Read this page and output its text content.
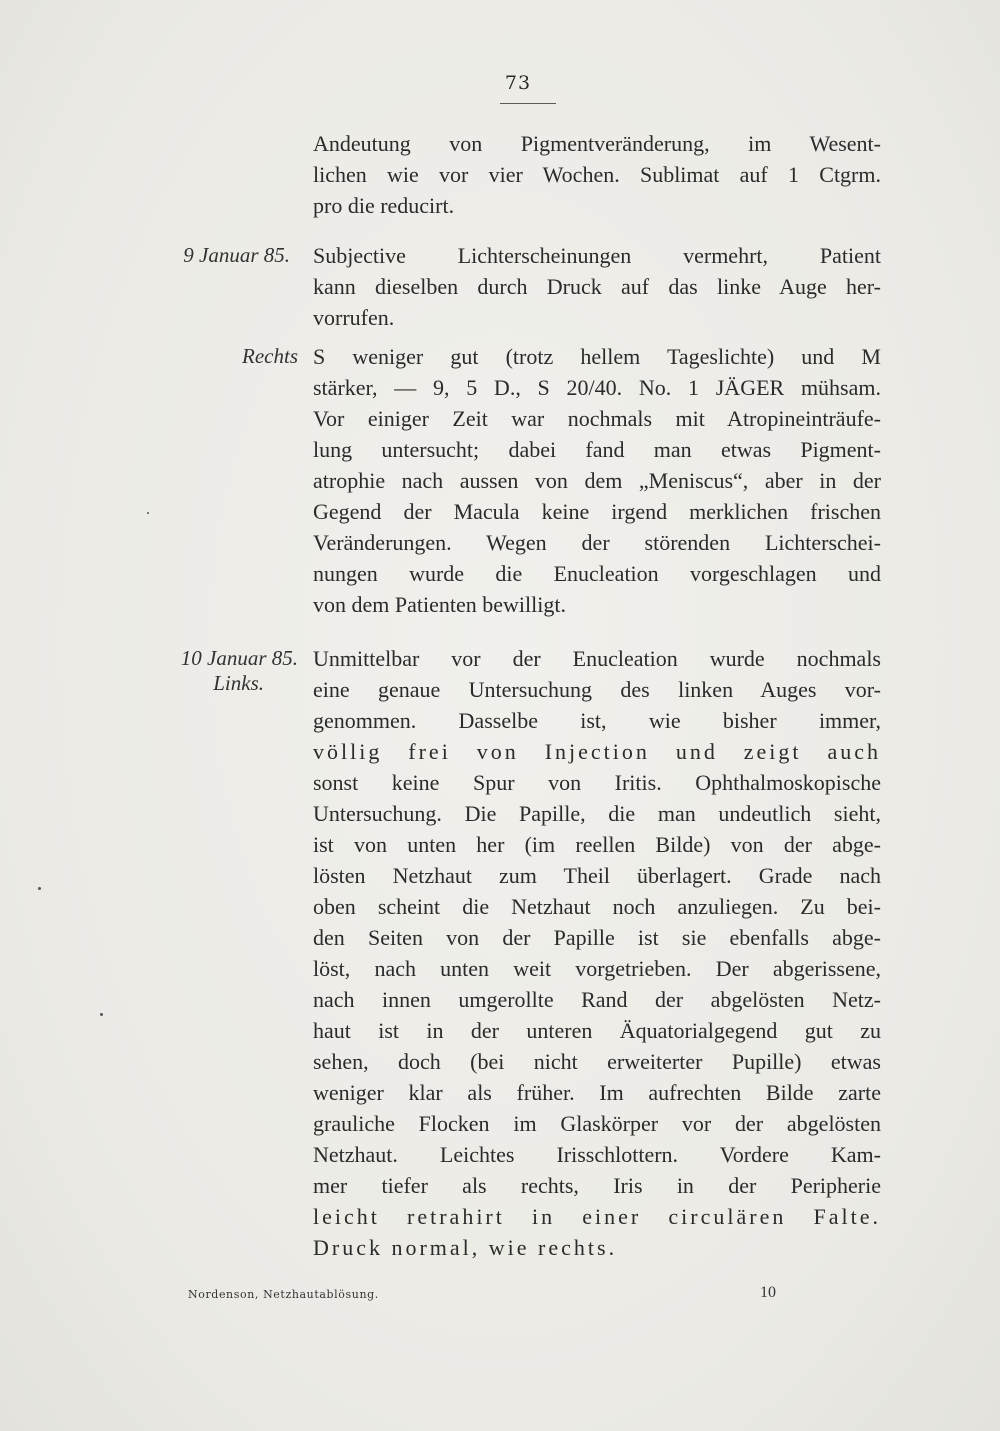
73
9 Januar 85.
Rechts
10 Januar 85.
Links.
Andeutung von Pigmentveränderung, im Wesent-
lichen wie vor vier Wochen. Sublimat auf 1 Ctgrm.
pro die reducirt.
Subjective Lichterscheinungen vermehrt, Patient
kann dieselben durch Druck auf das linke Auge her-
vorrufen.
S weniger gut (trotz hellem Tageslichte) und M
stärker, — 9, 5 D., S 20/40. No. 1 JÄGER mühsam.
Vor einiger Zeit war nochmals mit Atropineinträufe-
lung untersucht; dabei fand man etwas Pigment-
atrophie nach aussen von dem „Meniscus“, aber in der
Gegend der Macula keine irgend merklichen frischen
Veränderungen. Wegen der störenden Lichterschei-
nungen wurde die Enucleation vorgeschlagen und
von dem Patienten bewilligt.
Unmittelbar vor der Enucleation wurde nochmals
eine genaue Untersuchung des linken Auges vor-
genommen. Dasselbe ist, wie bisher immer,
völlig frei von Injection und zeigt auch
sonst keine Spur von Iritis. Ophthalmoskopische
Untersuchung. Die Papille, die man undeutlich sieht,
ist von unten her (im reellen Bilde) von der abge-
lösten Netzhaut zum Theil überlagert. Grade nach
oben scheint die Netzhaut noch anzuliegen. Zu bei-
den Seiten von der Papille ist sie ebenfalls abge-
löst, nach unten weit vorgetrieben. Der abgerissene,
nach innen umgerollte Rand der abgelösten Netz-
haut ist in der unteren Äquatorialgegend gut zu
sehen, doch (bei nicht erweiterter Pupille) etwas
weniger klar als früher. Im aufrechten Bilde zarte
grauliche Flocken im Glaskörper vor der abgelösten
Netzhaut. Leichtes Irisschlottern. Vordere Kam-
mer tiefer als rechts, Iris in der Peripherie
leicht retrahirt in einer circulären Falte.
Druck normal, wie rechts.
Nordenson, Netzhautablösung.	10
